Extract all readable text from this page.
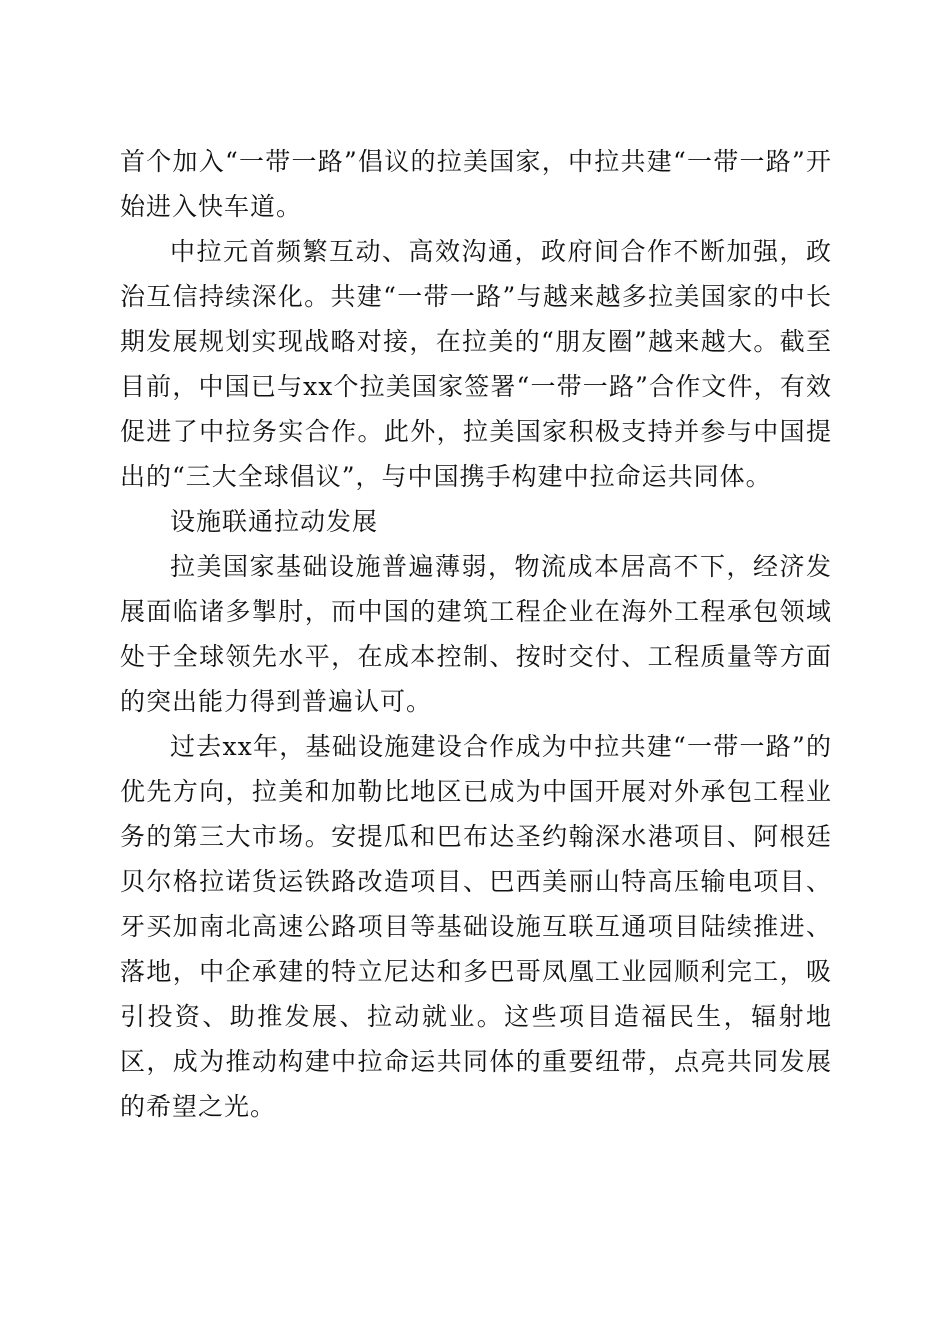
首个加入“一带一路”倡议的拉美国家，中拉共建“一带一路”开始进入快车道。

中拉元首频繁互动、高效沟通，政府间合作不断加强，政治互信持续深化。共建“一带一路”与越来越多拉美国家的中长期发展规划实现战略对接，在拉美的“朋友圈”越来越大。截至目前，中国已与xx个拉美国家签署“一带一路”合作文件，有效促进了中拉务实合作。此外，拉美国家积极支持并参与中国提出的“三大全球倡议”，与中国携手构建中拉命运共同体。

设施联通拉动发展

拉美国家基础设施普遍薄弱，物流成本居高不下，经济发展面临诸多掣肘，而中国的建筑工程企业在海外工程承包领域处于全球领先水平，在成本控制、按时交付、工程质量等方面的突出能力得到普遍认可。

过去xx年，基础设施建设合作成为中拉共建“一带一路”的优先方向，拉美和加勒比地区已成为中国开展对外承包工程业务的第三大市场。安提瓜和巴布达圣约翰深水港项目、阿根廷贝尔格拉诺货运铁路改造项目、巴西美丽山特高压输电项目、牙买加南北高速公路项目等基础设施互联互通项目陆续推进、落地，中企承建的特立尼达和多巴哥凤凰工业园顺利完工，吸引投资、助推发展、拉动就业。这些项目造福民生，辐射地区，成为推动构建中拉命运共同体的重要纽带，点亮共同发展的希望之光。
